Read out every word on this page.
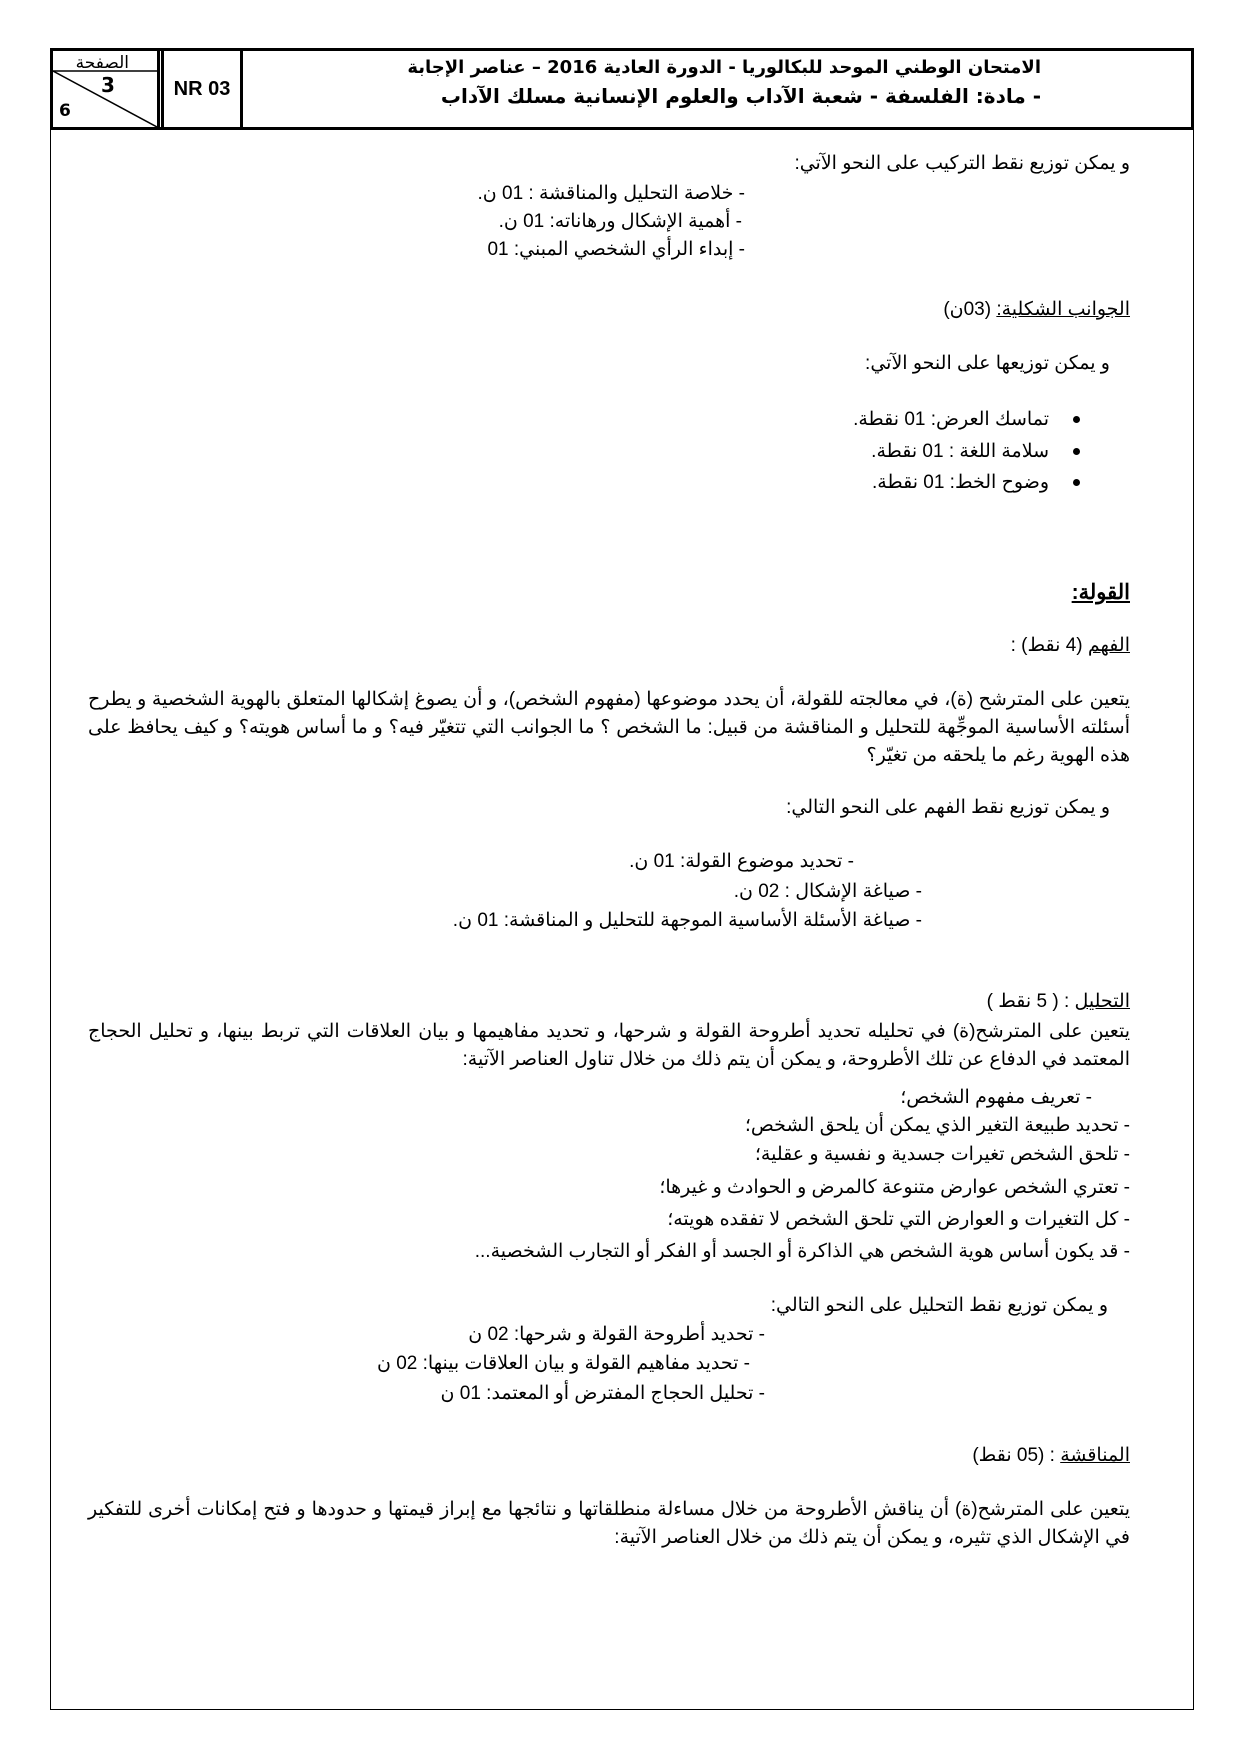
الصفحة
3
6
NR 03
الامتحان الوطني الموحد للبكالوريا - الدورة العادية 2016 – عناصر الإجابة
- مادة: الفلسفة - شعبة الآداب والعلوم الإنسانية مسلك الآداب
و يمكن توزيع نقط التركيب على النحو الآتي:
- خلاصة التحليل والمناقشة : 01 ن.
- أهمية الإشكال ورهاناته: 01 ن.
- إبداء الرأي الشخصي المبني: 01
الجوانب الشكلية: (03ن)
و يمكن توزيعها على النحو الآتي:
تماسك العرض: 01 نقطة.
سلامة اللغة : 01 نقطة.
وضوح الخط: 01 نقطة.
القولة:
الفهم (4 نقط) :
يتعين على المترشح (ة)، في معالجته للقولة، أن يحدد موضوعها (مفهوم الشخص)، و أن يصوغ إشكالها المتعلق بالهوية الشخصية و يطرح أسئلته الأساسية الموجِّهة للتحليل و المناقشة من قبيل: ما الشخص ؟ ما الجوانب التي تتغيّر فيه؟ و ما أساس هويته؟ و كيف يحافظ على هذه الهوية رغم ما يلحقه من تغيّر؟
و يمكن توزيع نقط الفهم على النحو التالي:
- تحديد موضوع القولة: 01 ن.
- صياغة الإشكال : 02 ن.
- صياغة الأسئلة الأساسية الموجهة للتحليل و المناقشة: 01 ن.
التحليل : ( 5 نقط )
يتعين على المترشح(ة) في تحليله تحديد أطروحة القولة و شرحها، و تحديد مفاهيمها و بيان العلاقات التي تربط بينها، و تحليل الحجاج المعتمد في الدفاع عن تلك الأطروحة، و يمكن أن يتم ذلك من خلال تناول العناصر الآتية:
- تعريف مفهوم الشخص؛
- تحديد طبيعة التغير الذي يمكن أن يلحق الشخص؛
- تلحق الشخص تغيرات جسدية و نفسية و عقلية؛
- تعتري الشخص عوارض متنوعة كالمرض و الحوادث و غيرها؛
- كل التغيرات و العوارض التي تلحق الشخص لا تفقده هويته؛
- قد يكون أساس هوية الشخص هي الذاكرة أو الجسد أو الفكر أو التجارب الشخصية...
و يمكن توزيع نقط التحليل على النحو التالي:
- تحديد أطروحة القولة و شرحها: 02 ن
- تحديد مفاهيم القولة و بيان العلاقات بينها: 02 ن
- تحليل الحجاج المفترض أو المعتمد: 01 ن
المناقشة : (05 نقط)
يتعين على المترشح(ة) أن يناقش الأطروحة من خلال مساءلة منطلقاتها و نتائجها مع إبراز قيمتها و حدودها و فتح إمكانات أخرى للتفكير في الإشكال الذي تثيره، و يمكن أن يتم ذلك من خلال العناصر الآتية:
